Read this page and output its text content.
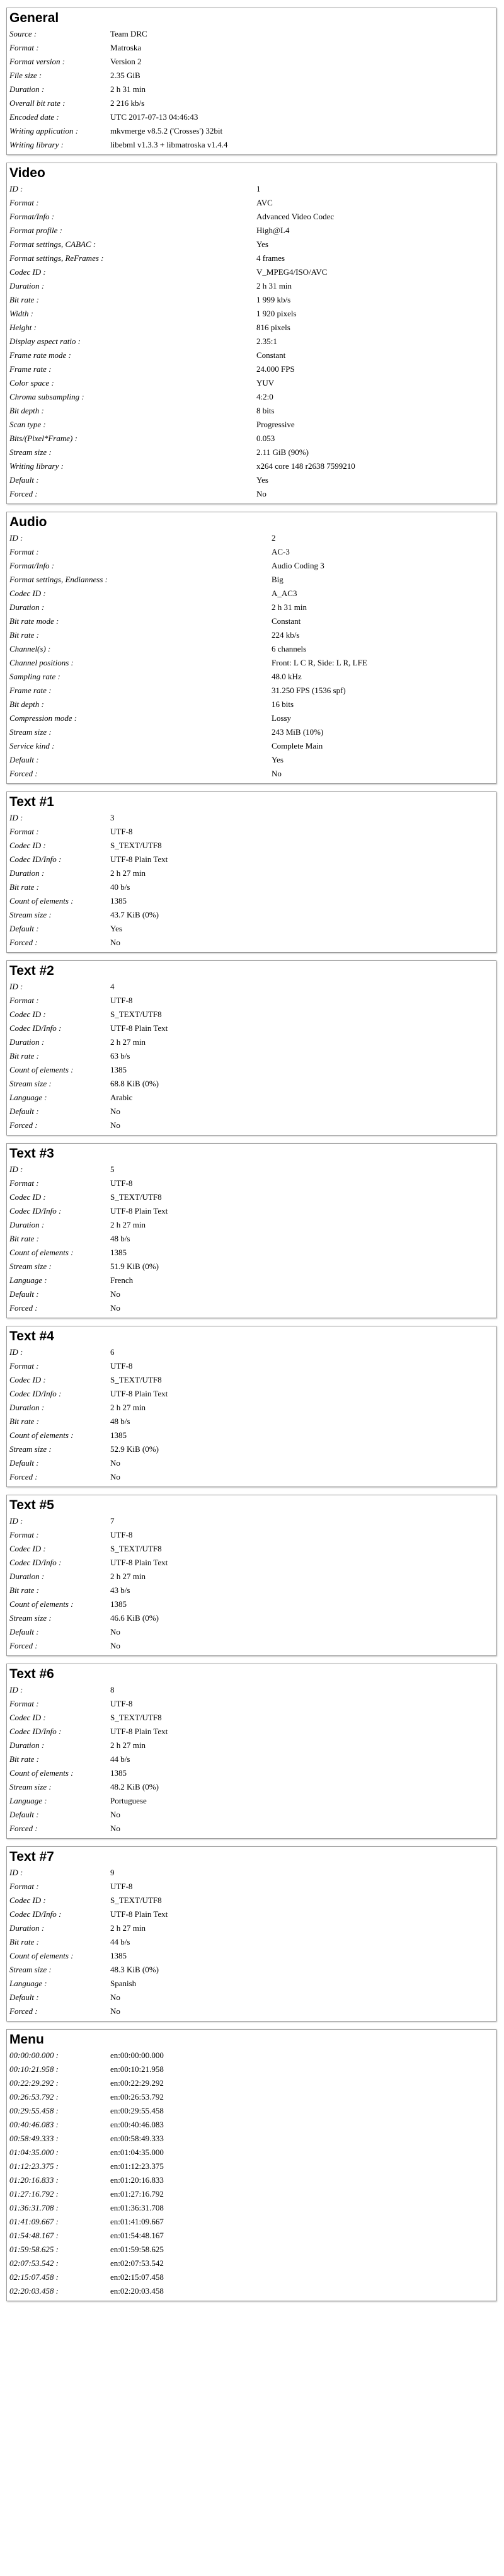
General
Source :	Team DRC
Format :	Matroska
Format version :	Version 2
File size :	2.35 GiB
Duration :	2 h 31 min
Overall bit rate :	2 216 kb/s
Encoded date :	UTC 2017-07-13 04:46:43
Writing application :	mkvmerge v8.5.2 ('Crosses') 32bit
Writing library :	libebml v1.3.3 + libmatroska v1.4.4
Video
ID :	1
Format :	AVC
Format/Info :	Advanced Video Codec
Format profile :	High@L4
Format settings, CABAC :	Yes
Format settings, ReFrames :	4 frames
Codec ID :	V_MPEG4/ISO/AVC
Duration :	2 h 31 min
Bit rate :	1 999 kb/s
Width :	1 920 pixels
Height :	816 pixels
Display aspect ratio :	2.35:1
Frame rate mode :	Constant
Frame rate :	24.000 FPS
Color space :	YUV
Chroma subsampling :	4:2:0
Bit depth :	8 bits
Scan type :	Progressive
Bits/(Pixel*Frame) :	0.053
Stream size :	2.11 GiB (90%)
Writing library :	x264 core 148 r2638 7599210
Default :	Yes
Forced :	No
Audio
ID :	2
Format :	AC-3
Format/Info :	Audio Coding 3
Format settings, Endianness :	Big
Codec ID :	A_AC3
Duration :	2 h 31 min
Bit rate mode :	Constant
Bit rate :	224 kb/s
Channel(s) :	6 channels
Channel positions :	Front: L C R, Side: L R, LFE
Sampling rate :	48.0 kHz
Frame rate :	31.250 FPS (1536 spf)
Bit depth :	16 bits
Compression mode :	Lossy
Stream size :	243 MiB (10%)
Service kind :	Complete Main
Default :	Yes
Forced :	No
Text #1
ID :	3
Format :	UTF-8
Codec ID :	S_TEXT/UTF8
Codec ID/Info :	UTF-8 Plain Text
Duration :	2 h 27 min
Bit rate :	40 b/s
Count of elements :	1385
Stream size :	43.7 KiB (0%)
Default :	Yes
Forced :	No
Text #2
ID :	4
Format :	UTF-8
Codec ID :	S_TEXT/UTF8
Codec ID/Info :	UTF-8 Plain Text
Duration :	2 h 27 min
Bit rate :	63 b/s
Count of elements :	1385
Stream size :	68.8 KiB (0%)
Language :	Arabic
Default :	No
Forced :	No
Text #3
ID :	5
Format :	UTF-8
Codec ID :	S_TEXT/UTF8
Codec ID/Info :	UTF-8 Plain Text
Duration :	2 h 27 min
Bit rate :	48 b/s
Count of elements :	1385
Stream size :	51.9 KiB (0%)
Language :	French
Default :	No
Forced :	No
Text #4
ID :	6
Format :	UTF-8
Codec ID :	S_TEXT/UTF8
Codec ID/Info :	UTF-8 Plain Text
Duration :	2 h 27 min
Bit rate :	48 b/s
Count of elements :	1385
Stream size :	52.9 KiB (0%)
Default :	No
Forced :	No
Text #5
ID :	7
Format :	UTF-8
Codec ID :	S_TEXT/UTF8
Codec ID/Info :	UTF-8 Plain Text
Duration :	2 h 27 min
Bit rate :	43 b/s
Count of elements :	1385
Stream size :	46.6 KiB (0%)
Default :	No
Forced :	No
Text #6
ID :	8
Format :	UTF-8
Codec ID :	S_TEXT/UTF8
Codec ID/Info :	UTF-8 Plain Text
Duration :	2 h 27 min
Bit rate :	44 b/s
Count of elements :	1385
Stream size :	48.2 KiB (0%)
Language :	Portuguese
Default :	No
Forced :	No
Text #7
ID :	9
Format :	UTF-8
Codec ID :	S_TEXT/UTF8
Codec ID/Info :	UTF-8 Plain Text
Duration :	2 h 27 min
Bit rate :	44 b/s
Count of elements :	1385
Stream size :	48.3 KiB (0%)
Language :	Spanish
Default :	No
Forced :	No
Menu
00:00:00.000 :	en:00:00:00.000
00:10:21.958 :	en:00:10:21.958
00:22:29.292 :	en:00:22:29.292
00:26:53.792 :	en:00:26:53.792
00:29:55.458 :	en:00:29:55.458
00:40:46.083 :	en:00:40:46.083
00:58:49.333 :	en:00:58:49.333
01:04:35.000 :	en:01:04:35.000
01:12:23.375 :	en:01:12:23.375
01:20:16.833 :	en:01:20:16.833
01:27:16.792 :	en:01:27:16.792
01:36:31.708 :	en:01:36:31.708
01:41:09.667 :	en:01:41:09.667
01:54:48.167 :	en:01:54:48.167
01:59:58.625 :	en:01:59:58.625
02:07:53.542 :	en:02:07:53.542
02:15:07.458 :	en:02:15:07.458
02:20:03.458 :	en:02:20:03.458
